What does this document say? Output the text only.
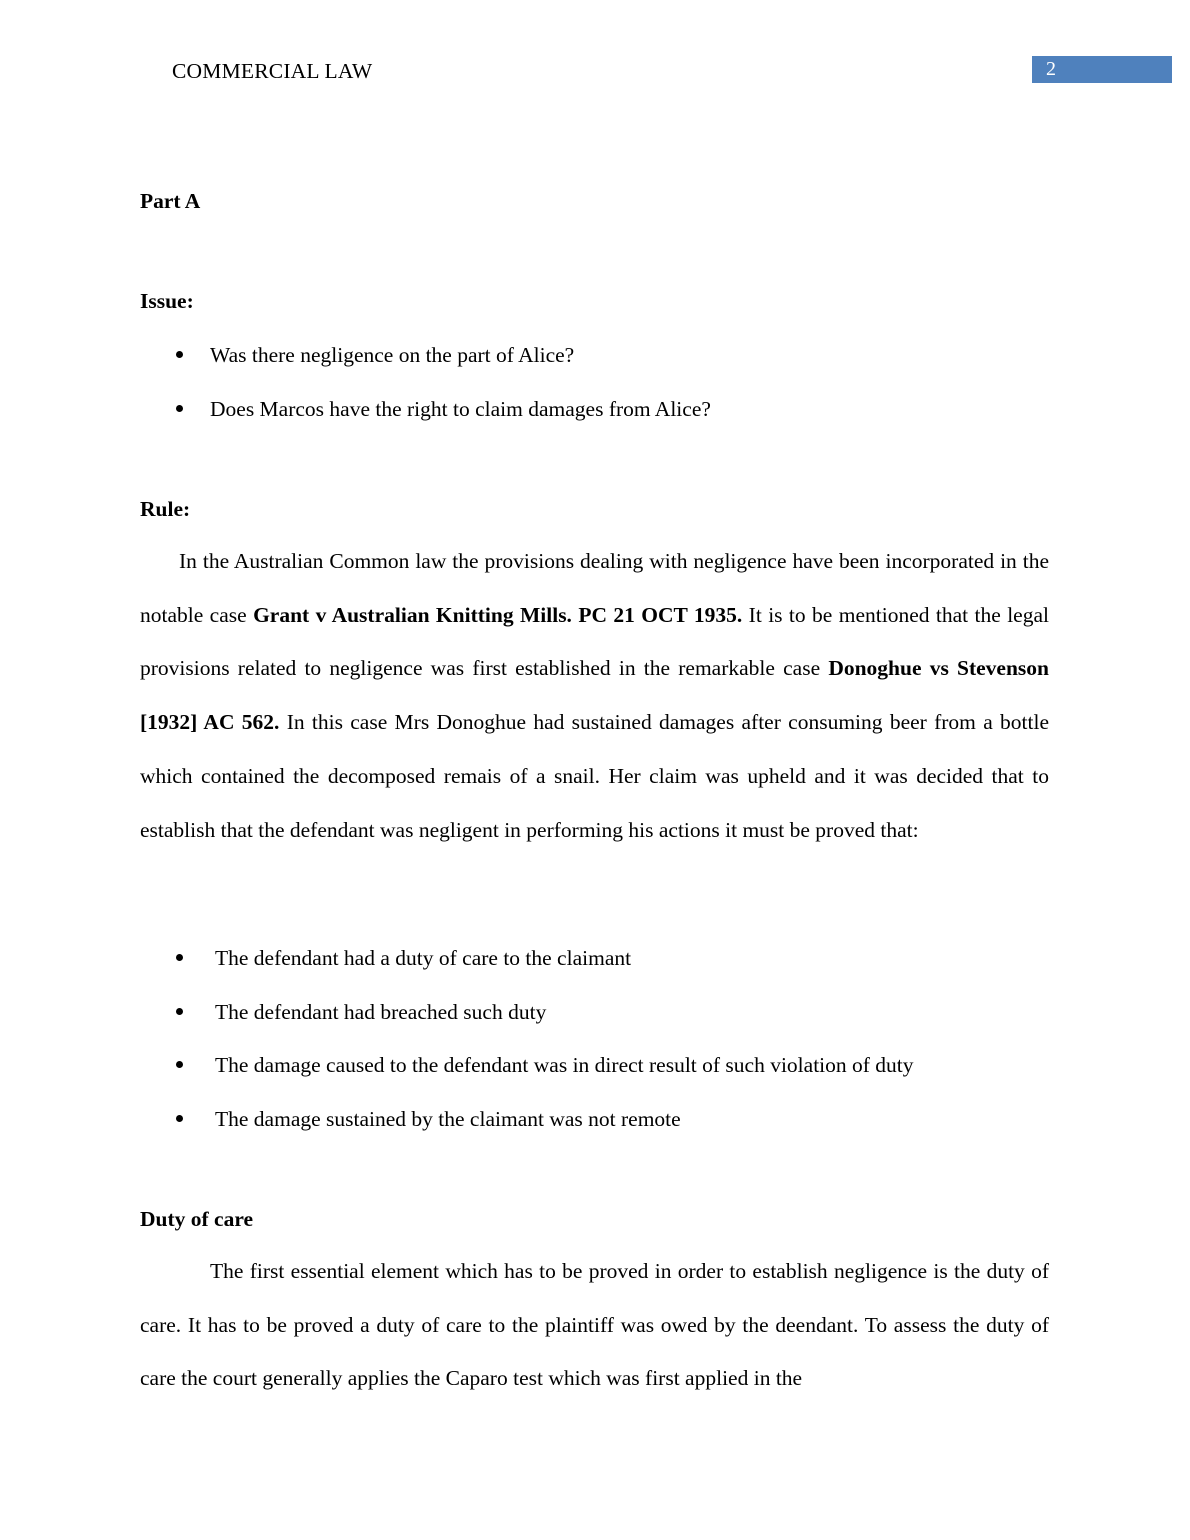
COMMERCIAL LAW	2
Part A
Issue:
Was there negligence on the part of Alice?
Does Marcos have the right to claim damages from Alice?
Rule:

In the Australian Common law the provisions dealing with negligence have been incorporated in the notable case Grant v Australian Knitting Mills. PC 21 OCT 1935. It is to be mentioned that the legal provisions related to negligence was first established in the remarkable case Donoghue vs Stevenson [1932] AC 562. In this case Mrs Donoghue had sustained damages after consuming beer from a bottle which contained the decomposed remais of a snail. Her claim was upheld and it was decided that to establish that the defendant was negligent in performing his actions it must be proved that:

The defendant had a duty of care to the claimant
The defendant had breached such duty
The damage caused to the defendant was in direct result of such violation of duty
The damage sustained by the claimant was not remote
Duty of care

The first essential element which has to be proved in order to establish negligence is the duty of care. It has to be proved a duty of care to the plaintiff was owed by the deendant. To assess the duty of care the court generally applies the Caparo test which was first applied in the
